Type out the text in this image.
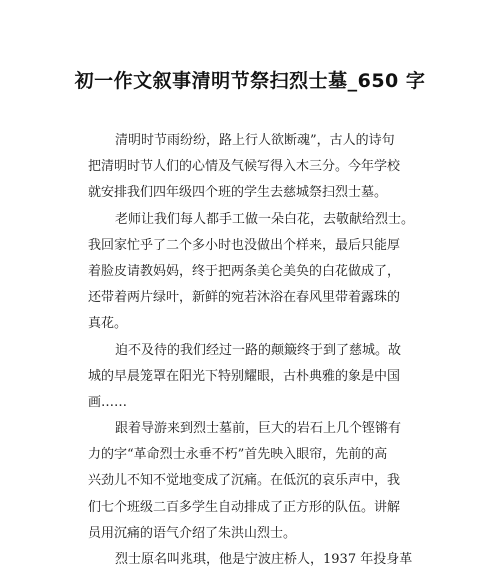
初一作文叙事清明节祭扫烈士墓_650 字

清明时节雨纷纷，路上行人欲断魂”，古人的诗句
把清明时节人们的心情及气候写得入木三分。今年学校
就安排我们四年级四个班的学生去慈城祭扫烈士墓。

老师让我们每人都手工做一朵白花，去敬献给烈士。
我回家忙乎了二个多小时也没做出个样来，最后只能厚
着脸皮请教妈妈，终于把两条美仑美奂的白花做成了，
还带着两片绿叶，新鲜的宛若沐浴在春风里带着露珠的
真花。

迫不及待的我们经过一路的颠簸终于到了慈城。故
城的早晨笼罩在阳光下特别耀眼，古朴典雅的象是中国
画……

跟着导游来到烈士墓前，巨大的岩石上几个铿锵有
力的字“革命烈士永垂不朽”首先映入眼帘，先前的高
兴劲儿不知不觉地变成了沉痛。在低沉的哀乐声中，我
们七个班级二百多学生自动排成了正方形的队伍。讲解
员用沉痛的语气介绍了朱洪山烈士。

烈士原名叫兆琪，他是宁波庄桥人，1937 年投身革
